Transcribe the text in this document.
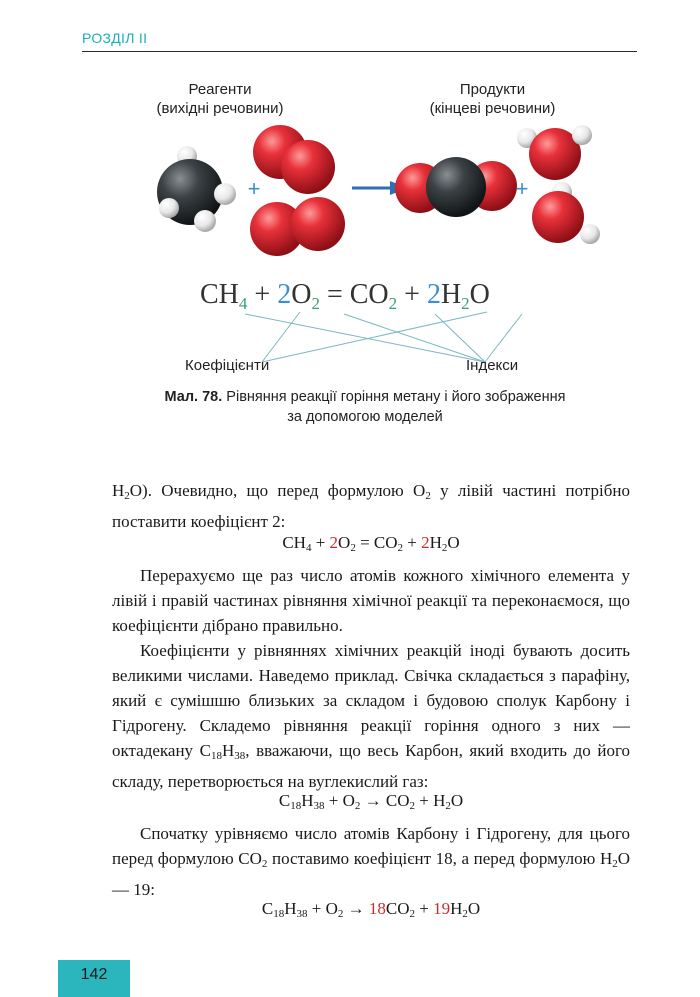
РОЗДІЛ II
Реагенти
(вихідні речовини)
Продукти
(кінцеві речовини)
+	+
$CH_4 + 2O_2 = CO_2 + 2H_2O$
Коефіцієнти	Індекси
Мал. 78. Рівняння реакції горіння метану і його зображення
за допомогою моделей
$H_2O$). Очевидно, що перед формулою $O_2$ у лівій частині потрібно поставити коефіцієнт 2:
$CH_4 + 2O_2 = CO_2 + 2H_2O$
Перерахуємо ще раз число атомів кожного хімічного елемента у лівій і правій частинах рівняння хімічної реакції та переконаємося, що коефіцієнти дібрано правильно.
Коефіцієнти у рівняннях хімічних реакцій іноді бувають досить великими числами. Наведемо приклад. Свічка складається з парафіну, який є сумішшю близьких за складом і будовою сполук Карбону і Гідрогену. Складемо рівняння реакції горіння одного з них — октадекану $C_{18}H_{38}$, вважаючи, що весь Карбон, який входить до його складу, перетворюється на вуглекислий газ:
$C_{18}H_{38} + O_2 \to CO_2 + H_2O$
Спочатку урівняємо число атомів Карбону і Гідрогену, для цього перед формулою $CO_2$ поставимо коефіцієнт 18, а перед формулою $H_2O$ — 19:
$C_{18}H_{38} + O_2 \to 18CO_2 + 19H_2O$
142
